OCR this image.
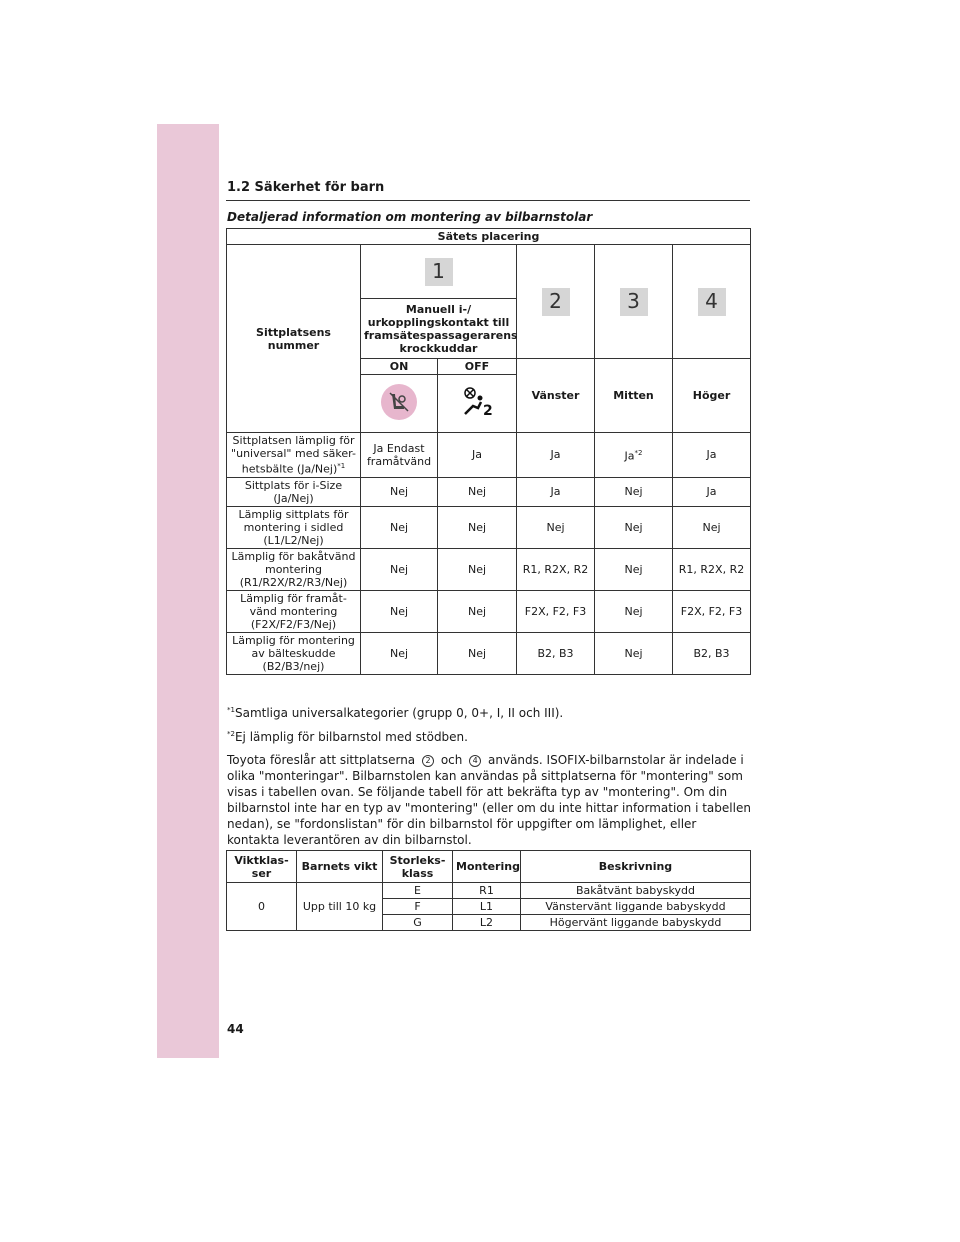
1.2 Säkerhet för barn
Detaljerad information om montering av bilbarnstolar
Sätets placering					
Sittplatsens nummer	1		2	3	4
	Manuell i-/ urkopplingskontakt till framsätespassagerarens krockkuddar				
	ON	OFF	Vänster	Mitten	Höger

2			

Sittplatsen lämplig för "universal" med säker- hetsbälte $(Ja/Nej)^{*1}$	Ja Endast framåtvänd	Ja	Ja	Ja$^{*2}$	Ja
Sittplats för i-Size (Ja/Nej)	Nej	Nej	Ja	Nej	Ja
Lämplig sittplats för montering i sidled (L1/L2/Nej)	Nej	Nej	Nej	Nej	Nej
Lämplig för bakåtvänd montering (R1/R2X/R2/R3/Nej)	Nej	Nej	R1, R2X, R2	Nej	R1, R2X, R2
Lämplig för framåt- vänd montering (F2X/F2/F3/Nej)	Nej	Nej	F2X, F2, F3	Nej	F2X, F2, F3
Lämplig för montering av bälteskudde (B2/B3/nej)	Nej	Nej	B2, B3	Nej	B2, B3
$^{*1}$Samtliga universalkategorier (grupp 0, 0+, I, II och III).
$^{*2}$Ej lämplig för bilbarnstol med stödben.
Toyota föreslår att sittplatserna 2 och 4 används. ISOFIX-bilbarnstolar är indelade i olika "monteringar". Bilbarnstolen kan användas på sittplatserna för "montering" som visas i tabellen ovan. Se följande tabell för att bekräfta typ av "montering". Om din bilbarnstol inte har en typ av "montering" (eller om du inte hittar information i tabellen nedan), se "fordonslistan" för din bilbarnstol för uppgifter om lämplighet, eller kontakta leverantören av din bilbarnstol.
Viktklas- ser	Barnets vikt	Storleks- klass	Montering	Beskrivning
0	Upp till 10 kg	E	R1	Bakåtvänt babyskydd
		F	L1	Vänstervänt liggande babyskydd
		G	L2	Högervänt liggande babyskydd
44
